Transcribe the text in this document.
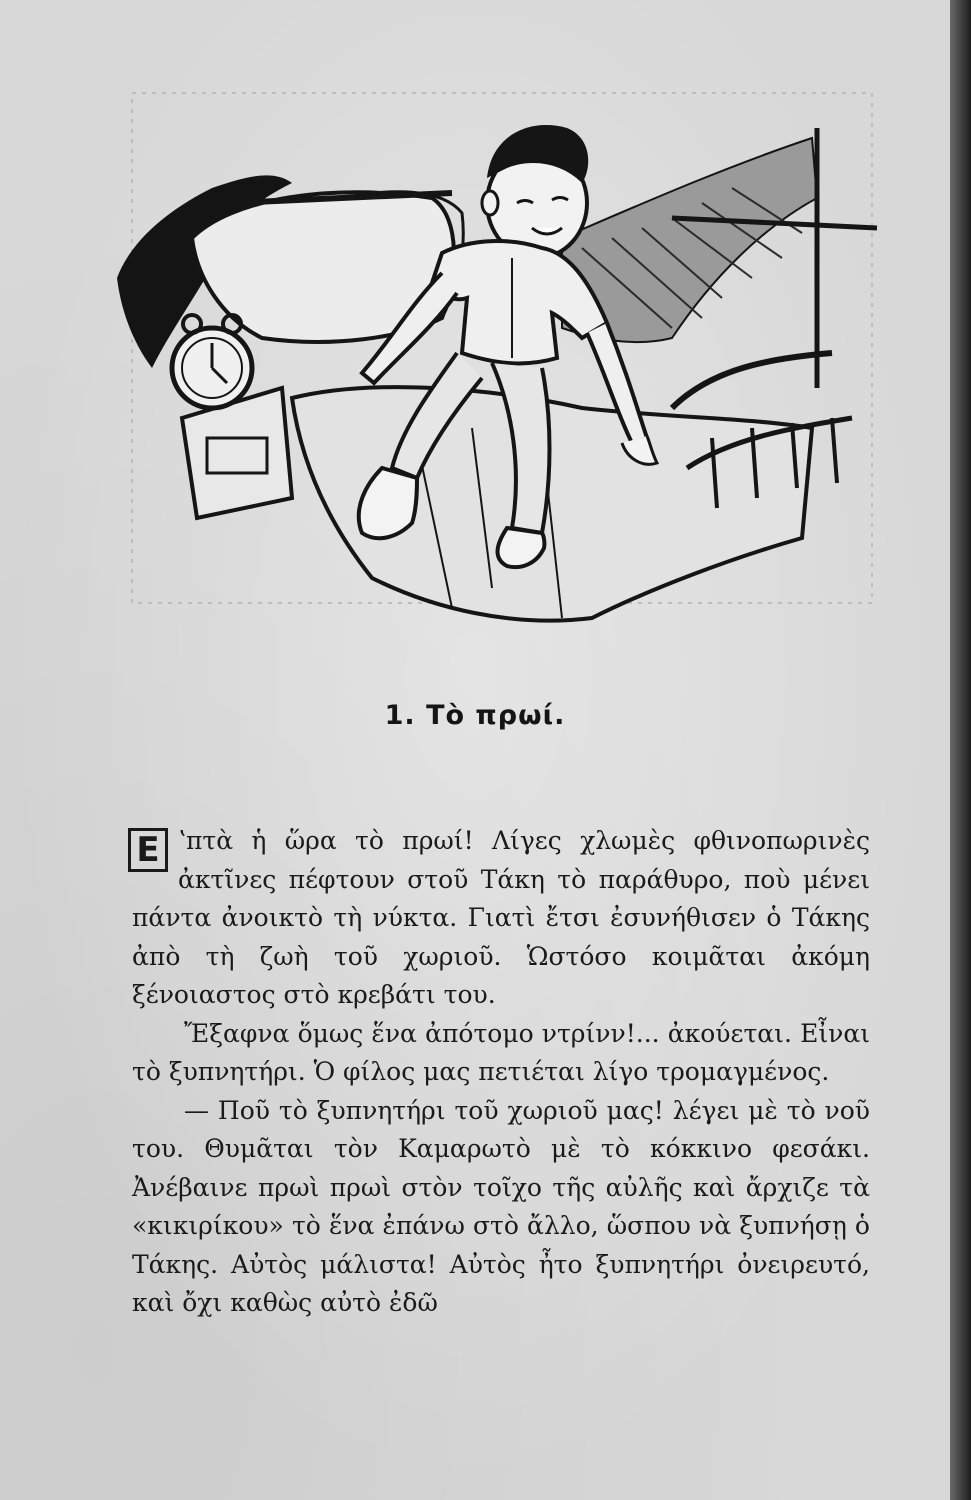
1. Τὸ πρωί.

Ε ʽπτὰ ἡ ὥρα τὸ πρωί! Λίγες χλωμὲς φθινοπωρινὲς ἀκτῖνες πέφτουν στοῦ Τάκη τὸ παράθυρο, ποὺ μένει πάντα ἀνοικτὸ τὴ νύκτα. Γιατὶ ἔτσι ἐσυνήθισεν ὁ Τάκης ἀπὸ τὴ ζωὴ τοῦ χωριοῦ. Ὡστόσο κοιμᾶται ἀκόμη ξένοιαστος στὸ κρεβάτι του.

Ἔξαφνα ὅμως ἕνα ἀπότομο ντρίνν!... ἀκούεται. Εἶναι τὸ ξυπνητήρι. Ὁ φίλος μας πετιέται λίγο τρομαγμένος.

— Ποῦ τὸ ξυπνητήρι τοῦ χωριοῦ μας! λέγει μὲ τὸ νοῦ του. Θυμᾶται τὸν Καμαρωτὸ μὲ τὸ κόκκινο φεσάκι. Ἀνέβαινε πρωὶ πρωὶ στὸν τοῖχο τῆς αὐλῆς καὶ ἄρχιζε τὰ «κικιρίκου» τὸ ἕνα ἐπάνω στὸ ἄλλο, ὥσπου νὰ ξυπνήσῃ ὁ Τάκης. Αὐτὸς μάλιστα! Αὐτὸς ἦτο ξυπνητήρι ὀνειρευτό, καὶ ὄχι καθὼς αὐτὸ ἐδῶ
